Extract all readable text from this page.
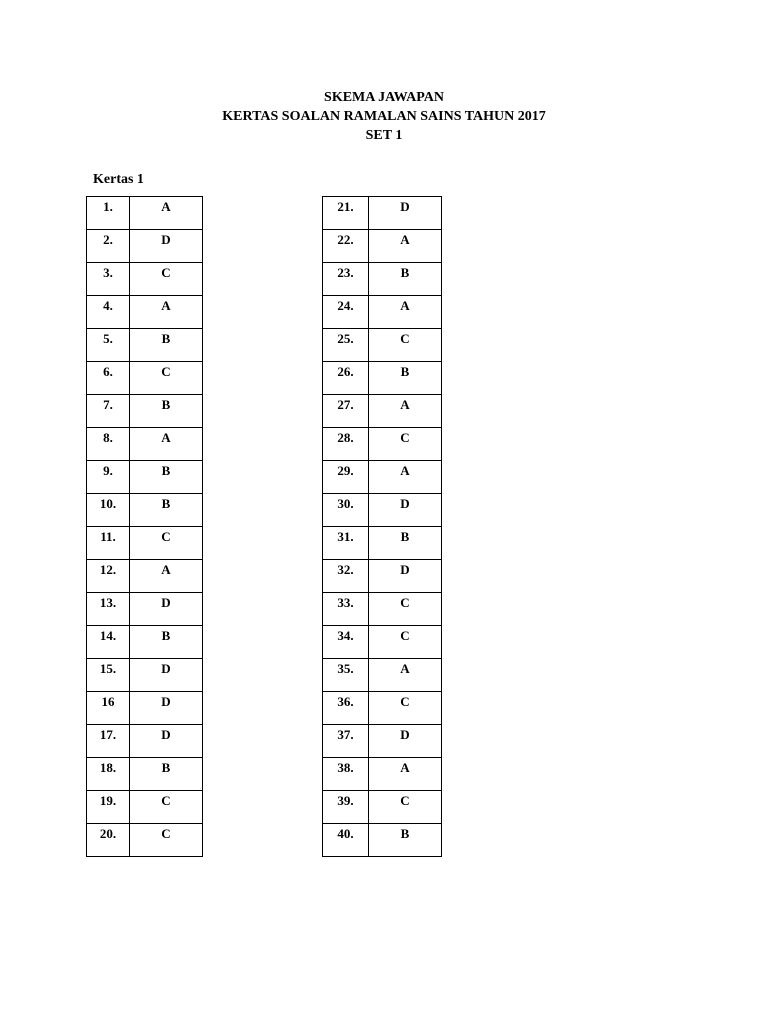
SKEMA JAWAPAN
KERTAS SOALAN RAMALAN SAINS TAHUN 2017
SET 1
Kertas 1
1.	A
2.	D
3.	C
4.	A
5.	B
6.	C
7.	B
8.	A
9.	B
10.	B
11.	C
12.	A
13.	D
14.	B
15.	D
16	D
17.	D
18.	B
19.	C
20.	C
21.	D
22.	A
23.	B
24.	A
25.	C
26.	B
27.	A
28.	C
29.	A
30.	D
31.	B
32.	D
33.	C
34.	C
35.	A
36.	C
37.	D
38.	A
39.	C
40.	B
